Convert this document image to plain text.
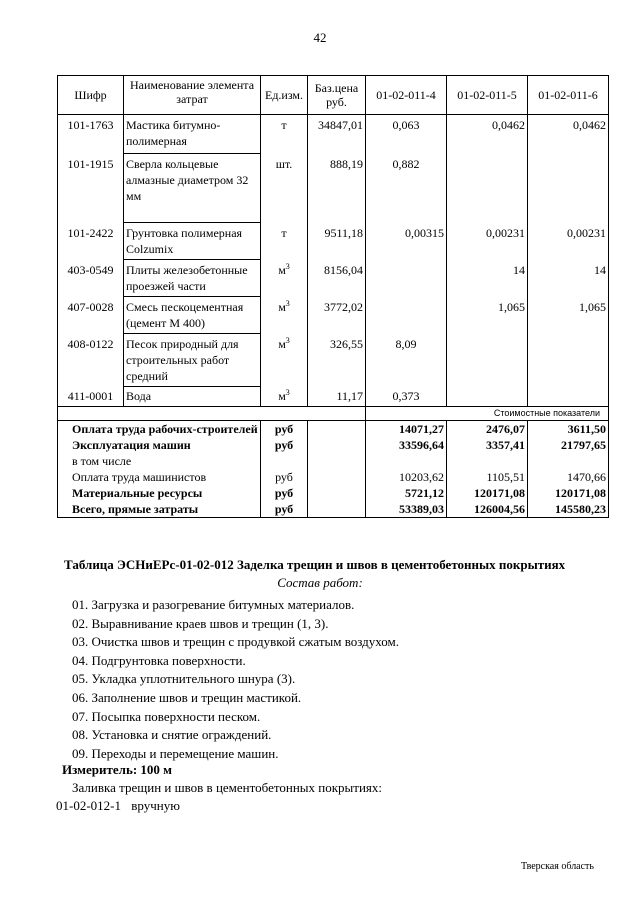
42
Шифр	Наименование элемента затрат	Ед.изм.	Баз.цена руб.	01-02-011-4	01-02-011-5	01-02-011-6
101-1763	Мастика битумно-полимерная	т	34847,01	0,063	0,0462	0,0462
101-1915	Сверла кольцевые алмазные диаметром 32 мм	шт.	888,19	0,882		
101-2422	Грунтовка полимерная Colzumix	т	9511,18	0,00315	0,00231	0,00231
403-0549	Плиты железобетонные проезжей части	$м^3$	8156,04		14	14
407-0028	Смесь пескоцементная (цемент М 400)	$м^3$	3772,02		1,065	1,065
408-0122	Песок природный для строительных работ средний	$м^3$	326,55	8,09		
411-0001	Вода	$м^3$	11,17	0,373		
				Стоимостные показатели		
Оплата труда рабочих-строителей		руб		14071,27	2476,07	3611,50
Эксплуатация машин		руб		33596,64	3357,41	21797,65
в том числе						
Оплата труда машинистов		руб		10203,62	1105,51	1470,66
Материальные ресурсы		руб		5721,12	120171,08	120171,08
Всего, прямые затраты		руб		53389,03	126004,56	145580,23
Таблица ЭСНиЕРс-01-02-012 Заделка трещин и швов в цементобетонных покрытиях
Состав работ:
01. Загрузка и разогревание битумных материалов.
02. Выравнивание краев швов и трещин (1, 3).
03. Очистка швов и трещин с продувкой сжатым воздухом.
04. Подгрунтовка поверхности.
05. Укладка уплотнительного шнура (3).
06. Заполнение швов и трещин мастикой.
07. Посыпка поверхности песком.
08. Установка и снятие ограждений.
09. Переходы и перемещение машин.
Измеритель: 100 м
Заливка трещин и швов в цементобетонных покрытиях:
01-02-012-1 вручную
Тверская область
